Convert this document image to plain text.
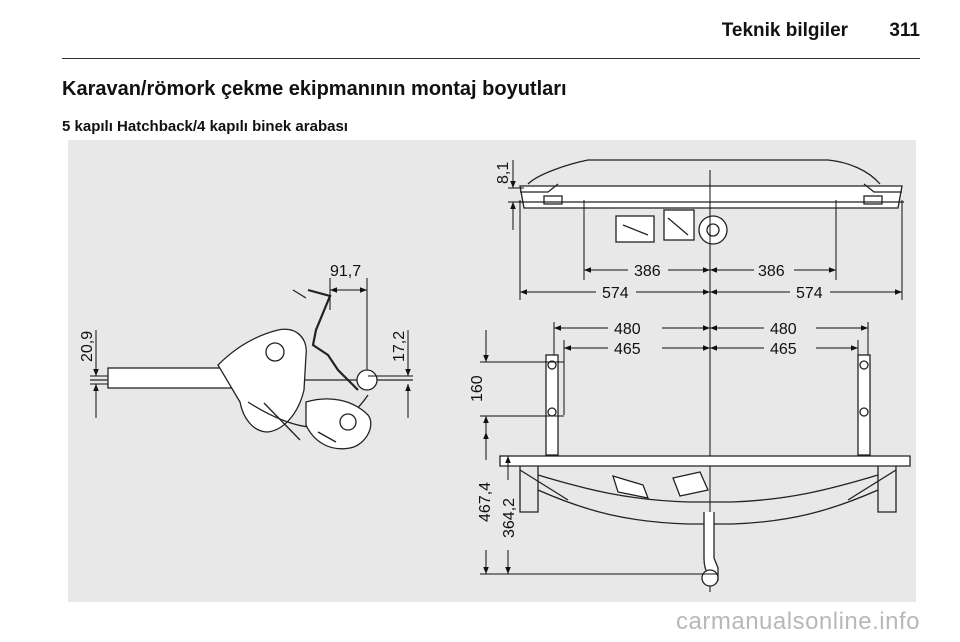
Teknik bilgiler 311
Karavan/römork çekme ekipmanının montaj boyutları
5 kapılı Hatchback/4 kapılı binek arabası
91,7
20,9	17,2
8,1
386	386
574	574
480	480
465	465
160
467,4 364,2
carmanualsonline.info
